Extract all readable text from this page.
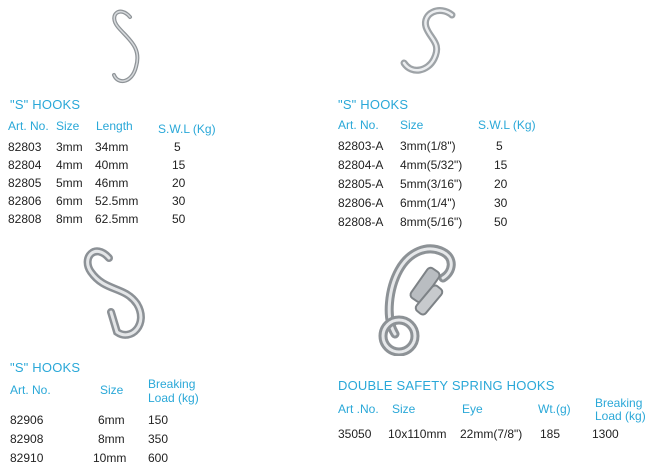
"S" HOOKS
Art. No. Size Length S.W.L (Kg)
82803 3mm 34mm	5
82804 4mm 40mm	15
82805 5mm 46mm	20
82806 6mm 52.5mm	30
82808 8mm 62.5mm	50
"S" HOOKS
Art. No. Size	S.W.L (Kg)
82803-A 3mm(1/8")	5
82804-A 4mm(5/32")	15
82805-A 5mm(3/16")	20
82806-A 6mm(1/4")	30
82808-A 8mm(5/16")	50
"S" HOOKS
Art. No.	Size Breaking
Load (kg)
82906	6mm 150
82908	8mm 350
82910	10mm 600
DOUBLE SAFETY SPRING HOOKS
Art .No. Size	Eye	Wt.(g) Breaking
Load (kg)
35050 10x110mm 22mm(7/8") 185	1300
